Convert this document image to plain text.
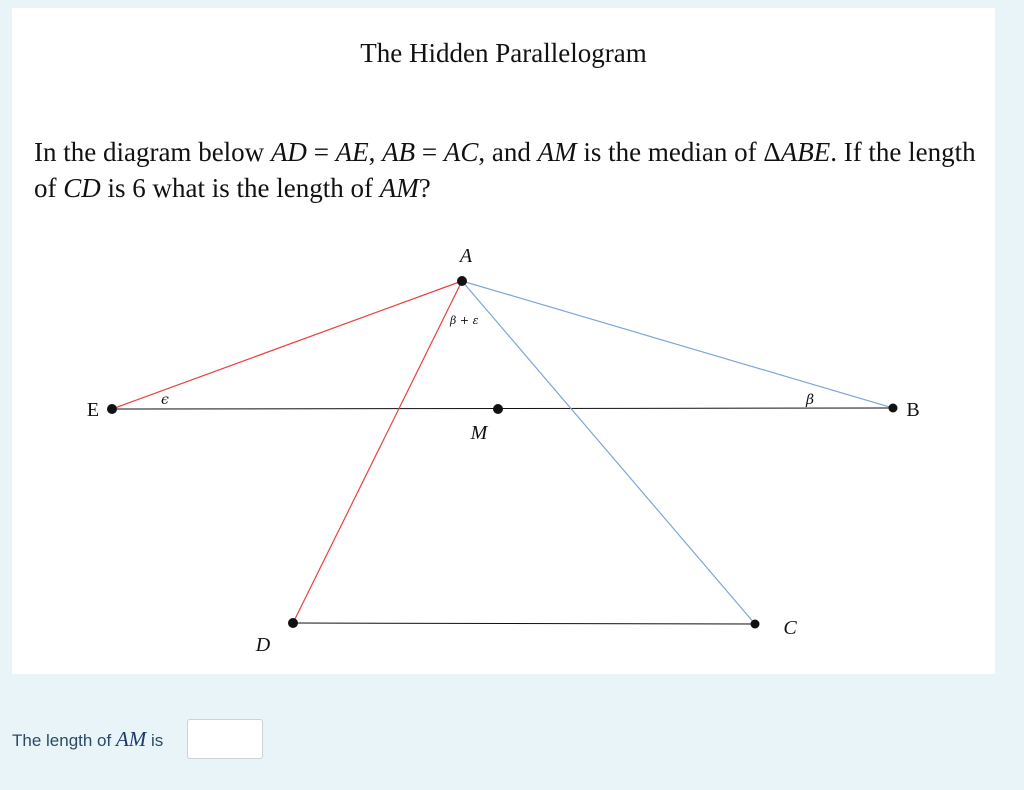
The Hidden Parallelogram
In the diagram below AD = AE, AB = AC, and AM is the median of ΔABE. If the length of CD is 6 what is the length of AM?
A
E	B
M
D
C
β + ε
ϵ	β
The length of AM is
